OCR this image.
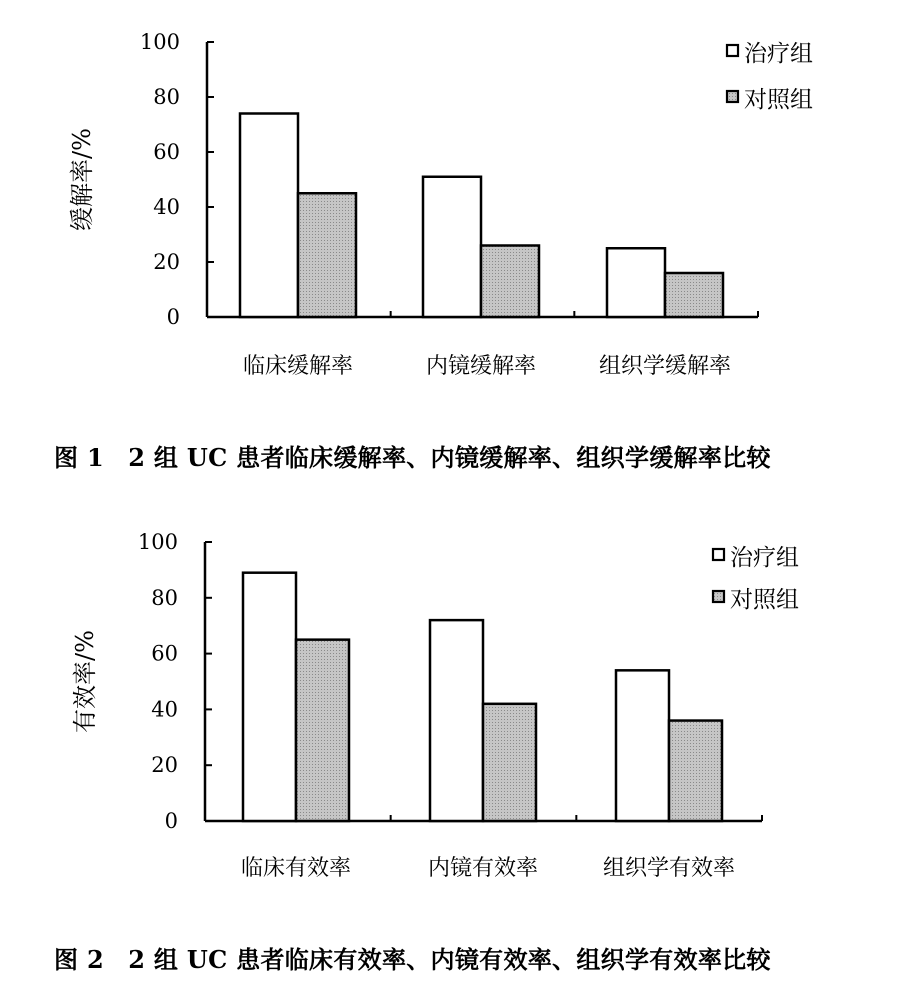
0
20
40
60
80
100
临床缓解率	内镜缓解率	组织学缓解率
缓解率/%
治疗组
对照组
图 1　2 组 UC 患者临床缓解率、内镜缓解率、组织学缓解率比较
0
20
40
60
80
100
临床有效率	内镜有效率	组织学有效率
有效率/%
治疗组
对照组
图 2　2 组 UC 患者临床有效率、内镜有效率、组织学有效率比较
